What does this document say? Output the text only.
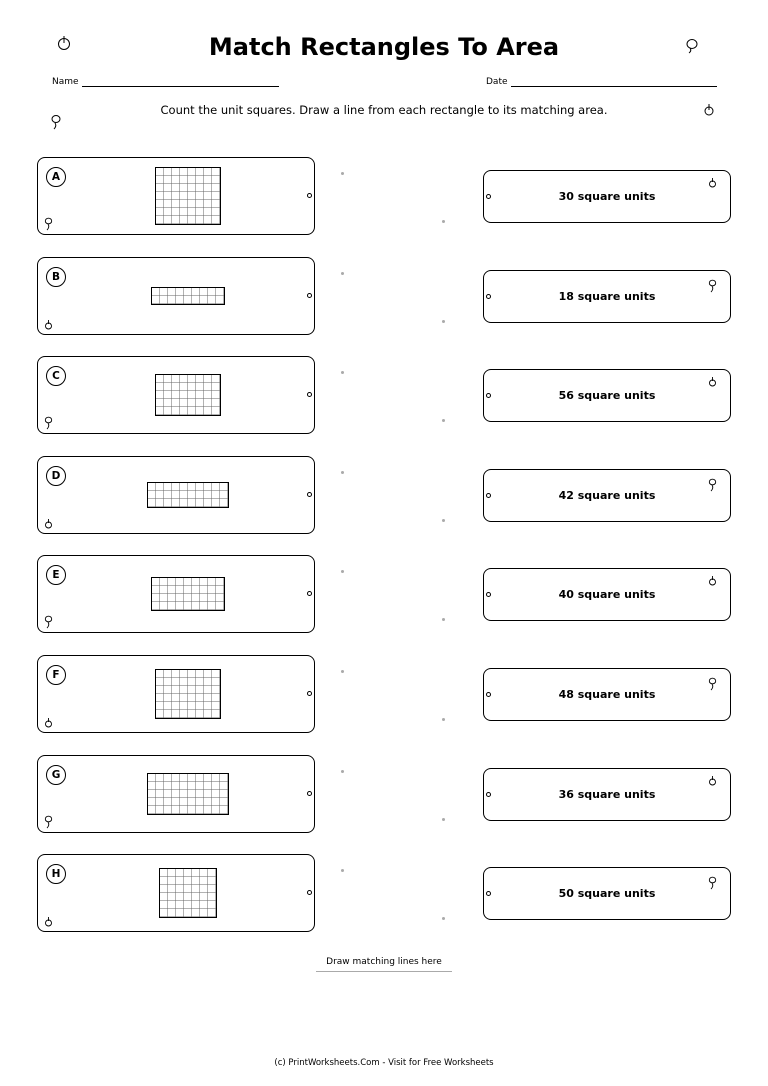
Match Rectangles To Area
Name	Date
Count the unit squares. Draw a line from each rectangle to its matching area.
A
30 square units
B
18 square units
C
56 square units
D
42 square units
E
40 square units
F
48 square units
G
36 square units
H
50 square units
Draw matching lines here
(c) PrintWorksheets.Com - Visit for Free Worksheets
